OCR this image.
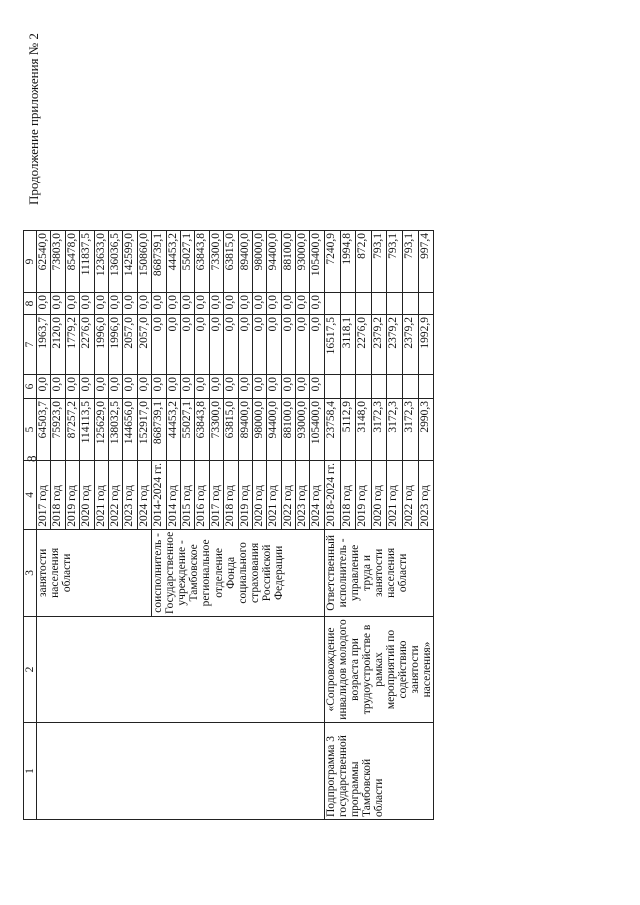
8
Продолжение приложения № 2
1	2	3	4	5	6	7	8	9
		занятости населения области	2017 год	64503,7	0,0	1963,7	0,0	62540,0
			2018 год	75923,0	0,0	2120,0	0,0	73803,0
			2019 год	87257,2	0,0	1779,2	0,0	85478,0
			2020 год	114113,5	0,0	2276,0	0,0	111837,5
			2021 год	125629,0	0,0	1996,0	0,0	123633,0
			2022 год	138032,5	0,0	1996,0	0,0	136036,5
			2023 год	144656,0	0,0	2057,0	0,0	142599,0
			2024 год	152917,0	0,0	2057,0	0,0	150860,0
		соисполнитель - Государственное учреждение - Тамбовское региональное отделение Фонда социального страхования Российской Федерации	2014-2024 гг.	868739,1	0,0	0,0	0,0	868739,1
			2014 год	44453,2	0,0	0,0	0,0	44453,2
			2015 год	55027,1	0,0	0,0	0,0	55027,1
			2016 год	63843,8	0,0	0,0	0,0	63843,8
			2017 год	73300,0	0,0	0,0	0,0	73300,0
			2018 год	63815,0	0,0	0,0	0,0	63815,0
			2019 год	89400,0	0,0	0,0	0,0	89400,0
			2020 год	98000,0	0,0	0,0	0,0	98000,0
			2021 год	94400,0	0,0	0,0	0,0	94400,0
			2022 год	88100,0	0,0	0,0	0,0	88100,0
			2023 год	93000,0	0,0	0,0	0,0	93000,0
			2024 год	105400,0	0,0	0,0	0,0	105400,0
Подпрограмма 3 государственной программы Тамбовской области	«Сопровождение инвалидов молодого возраста при трудоустройстве в рамках мероприятий по содействию занятости населения»	Ответственный исполнитель - управление труда и занятости населения области	2018-2024 гг.	23758,4		16517,5		7240,9
			2018 год	5112,9		3118,1		1994,8
			2019 год	3148,0		2276,0		872,0
			2020 год	3172,3		2379,2		793,1
			2021 год	3172,3		2379,2		793,1
			2022 год	3172,3		2379,2		793,1
			2023 год	2990,3		1992,9		997,4
